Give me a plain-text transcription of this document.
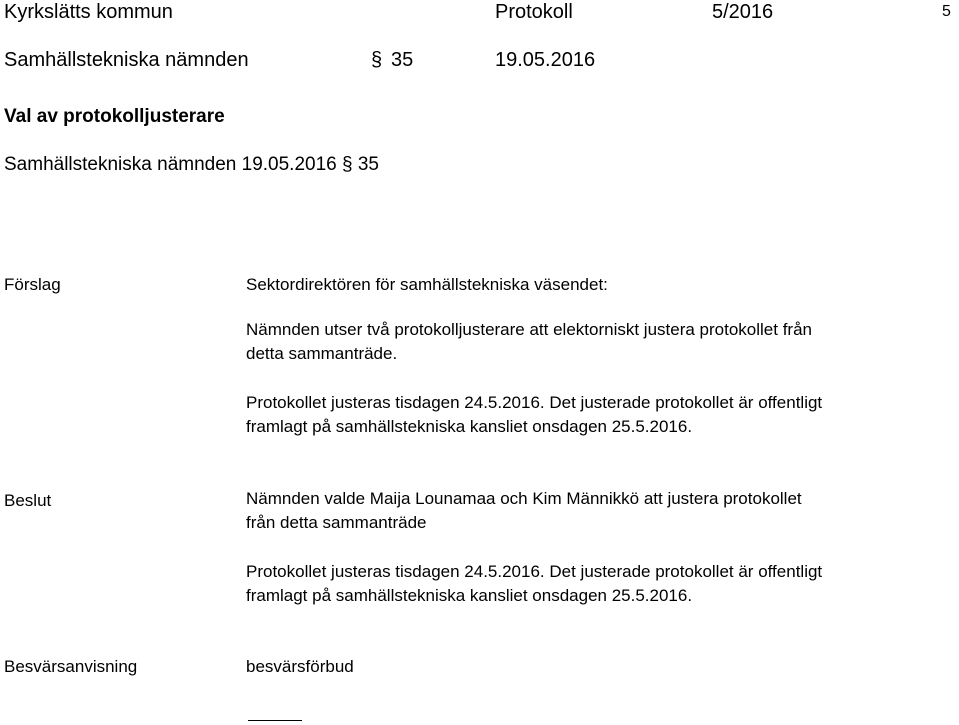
Kyrkslätts kommun	Protokoll	5/2016	5
Samhällstekniska nämnden	§ 35	19.05.2016
Val av protokolljusterare
Samhällstekniska nämnden 19.05.2016 § 35
Förslag	Sektordirektören för samhällstekniska väsendet:
Nämnden utser två protokolljusterare att elektorniskt justera protokollet från
detta sammanträde.
Protokollet justeras tisdagen 24.5.2016. Det justerade protokollet är offentligt
framlagt på samhällstekniska kansliet onsdagen 25.5.2016.
Beslut	Nämnden valde Maija Lounamaa och Kim Männikkö att justera protokollet
från detta sammanträde
Protokollet justeras tisdagen 24.5.2016. Det justerade protokollet är offentligt
framlagt på samhällstekniska kansliet onsdagen 25.5.2016.
Besvärsanvisning	besvärsförbud
